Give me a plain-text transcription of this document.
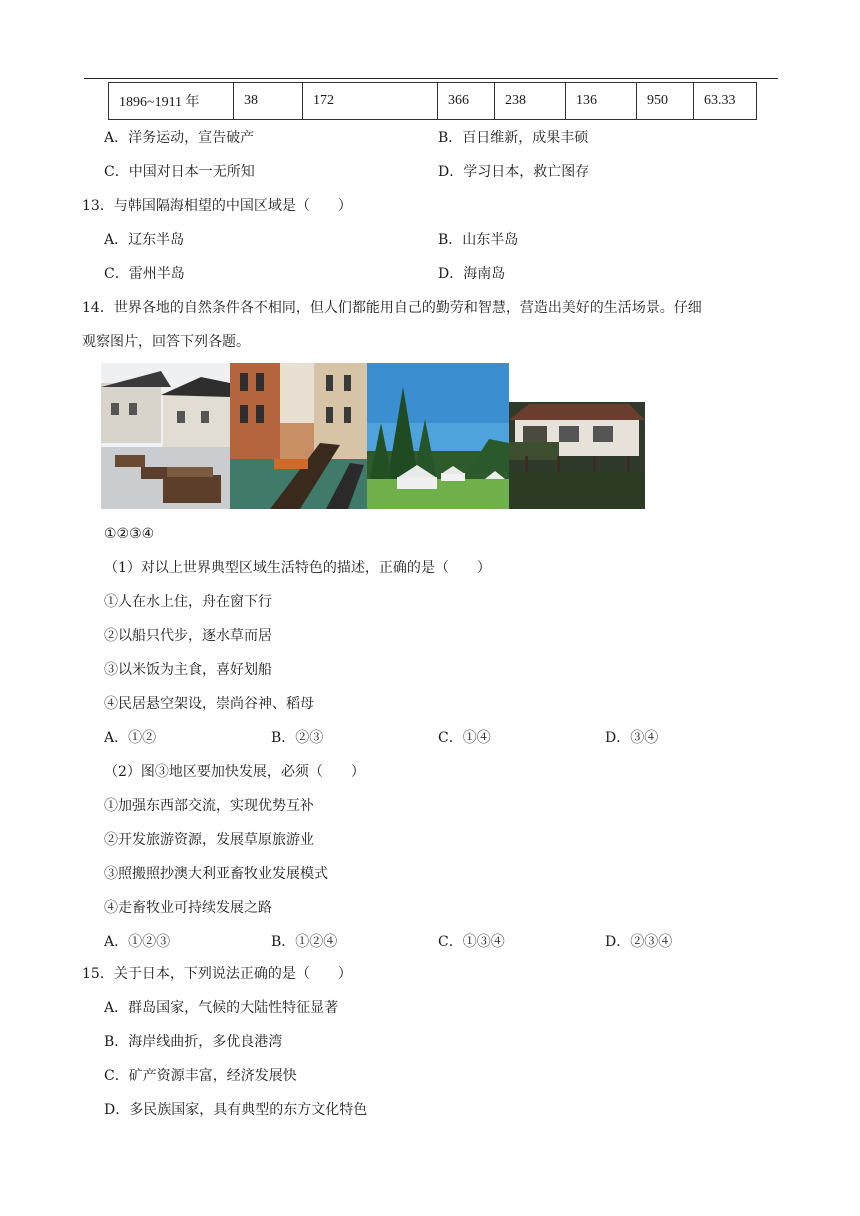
1896~1911 年	38	172	366	238	136	950	63.33
A．洋务运动，宣告破产	B．百日维新，成果丰硕
C．中国对日本一无所知	D．学习日本，救亡图存
13．与韩国隔海相望的中国区域是（　　）
A．辽东半岛	B．山东半岛
C．雷州半岛	D．海南岛
14．世界各地的自然条件各不相同，但人们都能用自己的勤劳和智慧，营造出美好的生活场景。仔细
观察图片，回答下列各题。
①②③④
（1）对以上世界典型区域生活特色的描述，正确的是（　　）
①人在水上住，舟在窗下行
②以船只代步，逐水草而居
③以米饭为主食，喜好划船
④民居悬空架设，崇尚谷神、稻母
A．①②	B．②③	C．①④	D．③④
（2）图③地区要加快发展，必须（　　）
①加强东西部交流，实现优势互补
②开发旅游资源，发展草原旅游业
③照搬照抄澳大利亚畜牧业发展模式
④走畜牧业可持续发展之路
A．①②③	B．①②④	C．①③④	D．②③④
15．关于日本，下列说法正确的是（　　）
A．群岛国家，气候的大陆性特征显著
B．海岸线曲折，多优良港湾
C．矿产资源丰富，经济发展快
D．多民族国家，具有典型的东方文化特色
